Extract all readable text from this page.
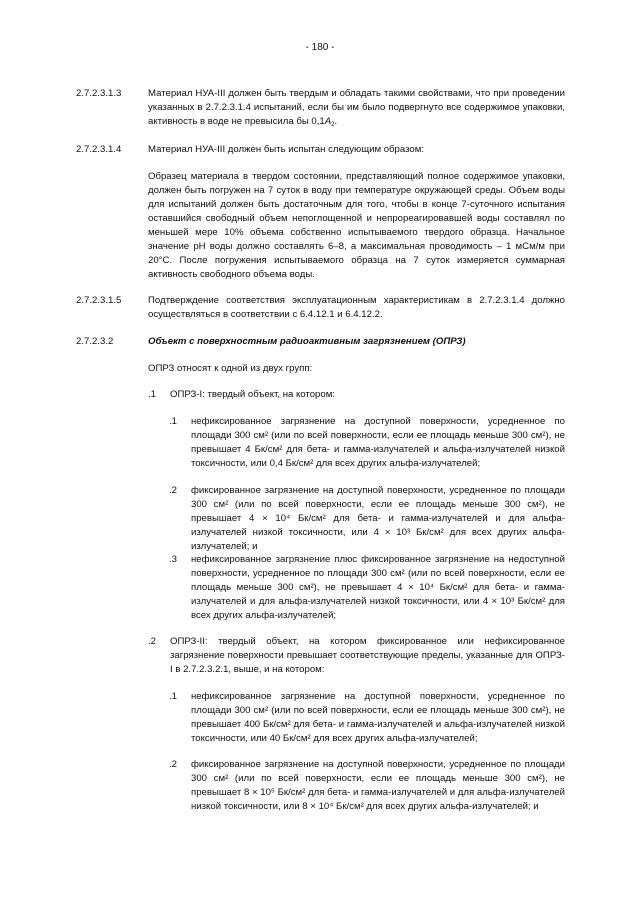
- 180 -
2.7.2.3.1.3	Материал НУА-III должен быть твердым и обладать такими свойствами, что при проведении указанных в 2.7.2.3.1.4 испытаний, если бы им было подвергнуто все содержимое упаковки, активность в воде не превысила бы $0,1A_2$.
2.7.2.3.1.4	Материал НУА-III должен быть испытан следующим образом:
Образец материала в твердом состоянии, представляющий полное содержимое упаковки, должен быть погружен на 7 суток в воду при температуре окружающей среды. Объем воды для испытаний должен быть достаточным для того, чтобы в конце 7-суточного испытания оставшийся свободный объем непоглощенной и непрореагировавшей воды составлял по меньшей мере 10% объема собственно испытываемого твердого образца. Начальное значение pH воды должно составлять 6–8, а максимальная проводимость – 1 мСм/м при 20°C. После погружения испытываемого образца на 7 суток измеряется суммарная активность свободного объема воды.
2.7.2.3.1.5	Подтверждение соответствия эксплуатационным характеристикам в 2.7.2.3.1.4 должно осуществляться в соответствии с 6.4.12.1 и 6.4.12.2.
2.7.2.3.2	Объект с поверхностным радиоактивным загрязнением (ОПРЗ)
ОПРЗ относят к одной из двух групп:
.1	ОПРЗ-I: твердый объект, на котором:
.1	нефиксированное загрязнение на доступной поверхности, усредненное по площади 300 см² (или по всей поверхности, если ее площадь меньше 300 см²), не превышает 4 Бк/см² для бета- и гамма-излучателей и альфа-излучателей низкой токсичности, или 0,4 Бк/см² для всех других альфа-излучателей;
.2	фиксированное загрязнение на доступной поверхности, усредненное по площади 300 см² (или по всей поверхности, если ее площадь меньше 300 см²), не превышает 4 × 10⁴ Бк/см² для бета- и гамма-излучателей и для альфа-излучателей низкой токсичности, или 4 × 10³ Бк/см² для всех других альфа-излучателей; и
.3	нефиксированное загрязнение плюс фиксированное загрязнение на недоступной поверхности, усредненное по площади 300 см² (или по всей поверхности, если ее площадь меньше 300 см²), не превышает 4 × 10⁴ Бк/см² для бета- и гамма-излучателей и для альфа-излучателей низкой токсичности, или 4 × 10³ Бк/см² для всех других альфа-излучателей;
.2	ОПРЗ-II: твердый объект, на котором фиксированное или нефиксированное загрязнение поверхности превышает соответствующие пределы, указанные для ОПРЗ-I в 2.7.2.3.2.1, выше, и на котором:
.1	нефиксированное загрязнение на доступной поверхности, усредненное по площади 300 см² (или по всей поверхности, если ее площадь меньше 300 см²), не превышает 400 Бк/см² для бета- и гамма-излучателей и альфа-излучателей низкой токсичности, или 40 Бк/см² для всех других альфа-излучателей;
.2	фиксированное загрязнение на доступной поверхности, усредненное по площади 300 см² (или по всей поверхности, если ее площадь меньше 300 см²), не превышает 8 × 10⁵ Бк/см² для бета- и гамма-излучателей и для альфа-излучателей низкой токсичности, или 8 × 10⁴ Бк/см² для всех других альфа-излучателей; и
